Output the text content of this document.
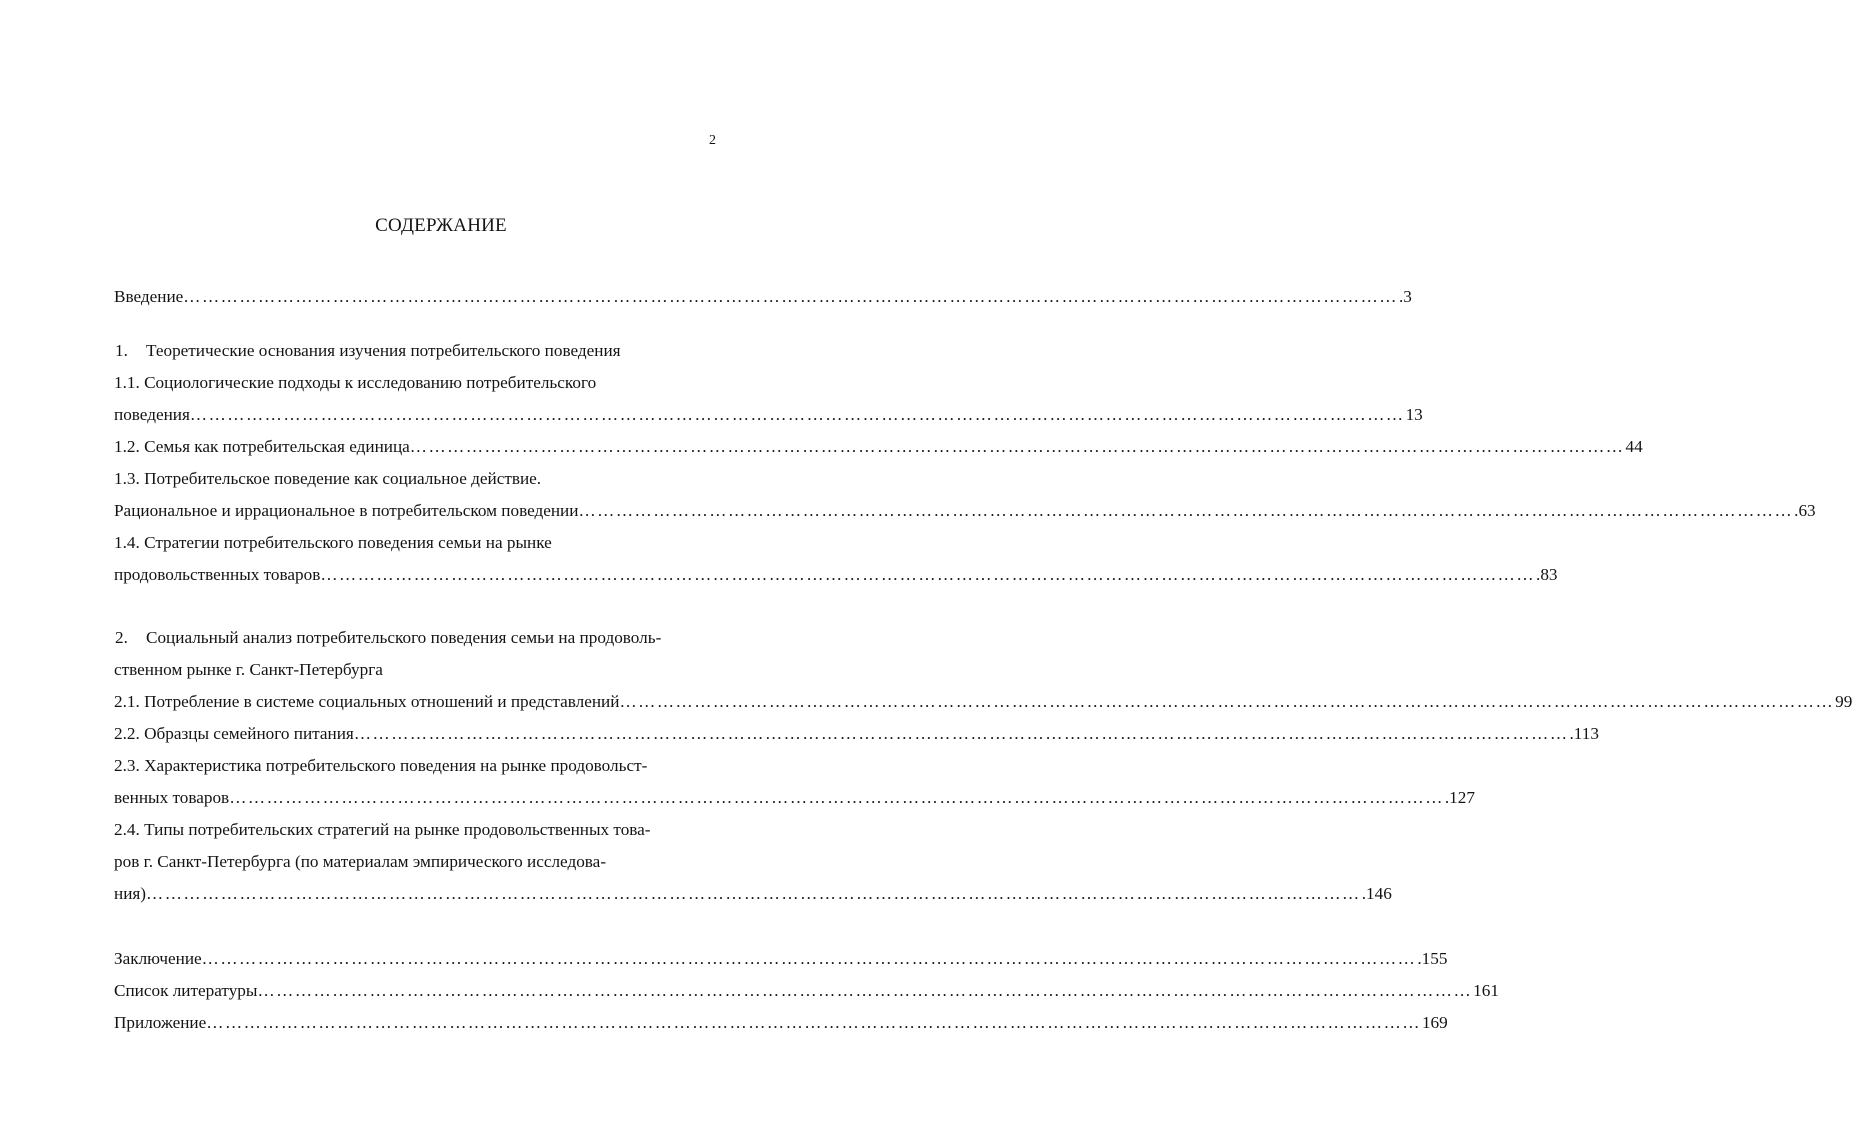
2
СОДЕРЖАНИЕ
Введение …………………………………………………………………………………………………………………………………………………………………………… .3
1. Теоретические основания изучения потребительского поведения
1.1. Социологические подходы к исследованию потребительского
поведения …………………………………………………………………………………………………………………………………………………………………………… 13
1.2. Семья как потребительская единица …………………………………………………………………………………………………………………………………………………………………………… 44
1.3. Потребительское поведение как социальное действие.
Рациональное и иррациональное в потребительском поведении …………………………………………………………………………………………………………………………………………………………………………… .63
1.4. Стратегии потребительского поведения семьи на рынке
продовольственных товаров …………………………………………………………………………………………………………………………………………………………………………… .83
2. Социальный анализ потребительского поведения семьи на продоволь-
ственном рынке г. Санкт-Петербурга
2.1. Потребление в системе социальных отношений и представлений …………………………………………………………………………………………………………………………………………………………………………… 99
2.2. Образцы семейного питания …………………………………………………………………………………………………………………………………………………………………………… .113
2.3. Характеристика потребительского поведения на рынке продовольст-
венных товаров …………………………………………………………………………………………………………………………………………………………………………… .127
2.4. Типы потребительских стратегий на рынке продовольственных това-
ров г. Санкт-Петербурга (по материалам эмпирического исследова-
ния) …………………………………………………………………………………………………………………………………………………………………………… .146
Заключение …………………………………………………………………………………………………………………………………………………………………………… .155
Список литературы …………………………………………………………………………………………………………………………………………………………………………… 161
Приложение …………………………………………………………………………………………………………………………………………………………………………… 169
